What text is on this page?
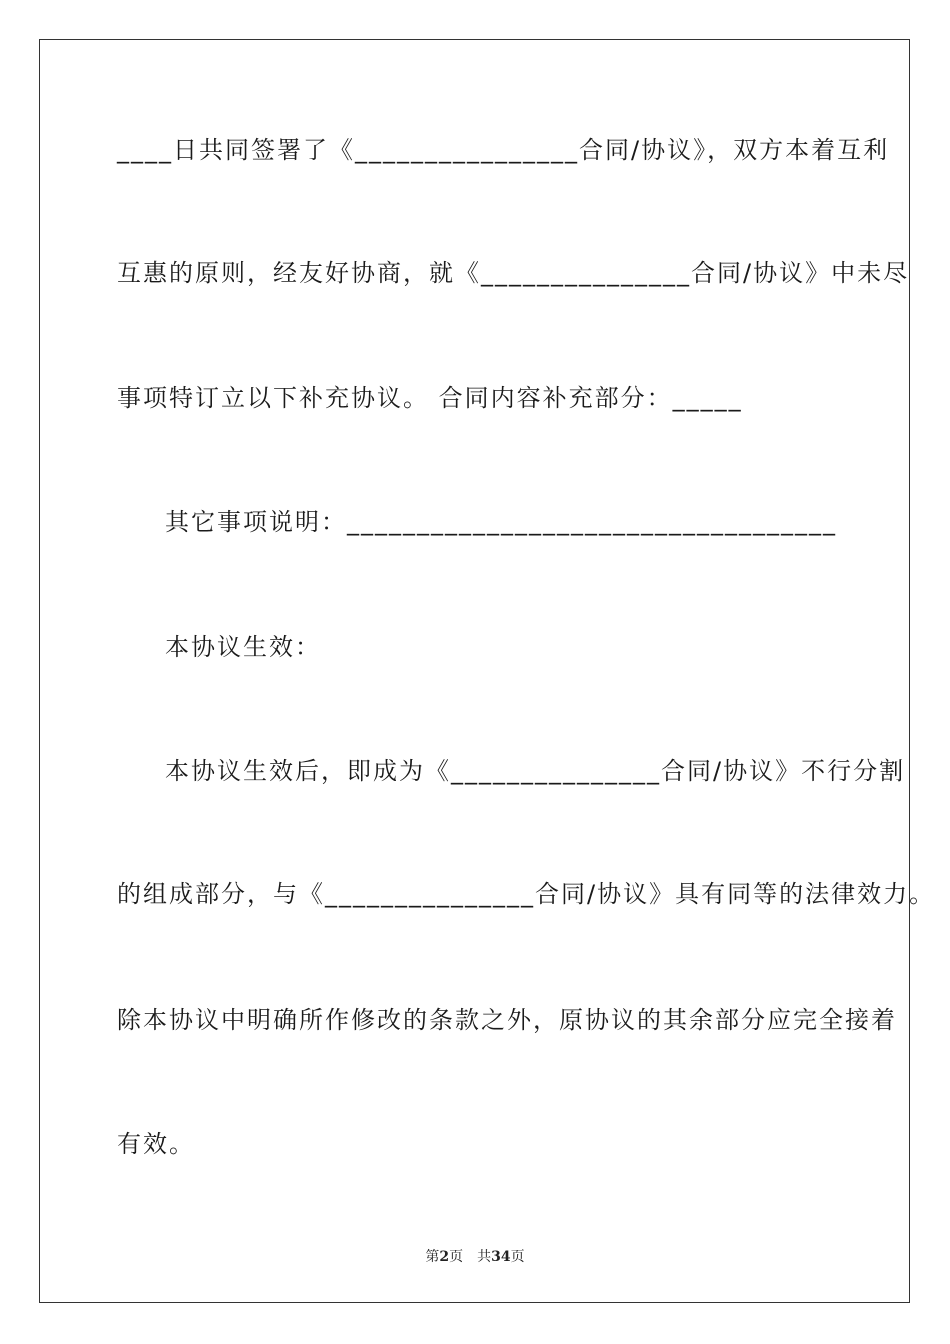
____日共同签署了《________________合同/协议》，双方本着互利
互惠的原则，经友好协商，就《_______________合同/协议》中未尽
事项特订立以下补充协议。 合同内容补充部分：_____
其它事项说明：___________________________________
本协议生效：
本协议生效后，即成为《_______________合同/协议》不行分割
的组成部分，与《_______________合同/协议》具有同等的法律效力。
除本协议中明确所作修改的条款之外，原协议的其余部分应完全接着
有效。
第2页 共34页
